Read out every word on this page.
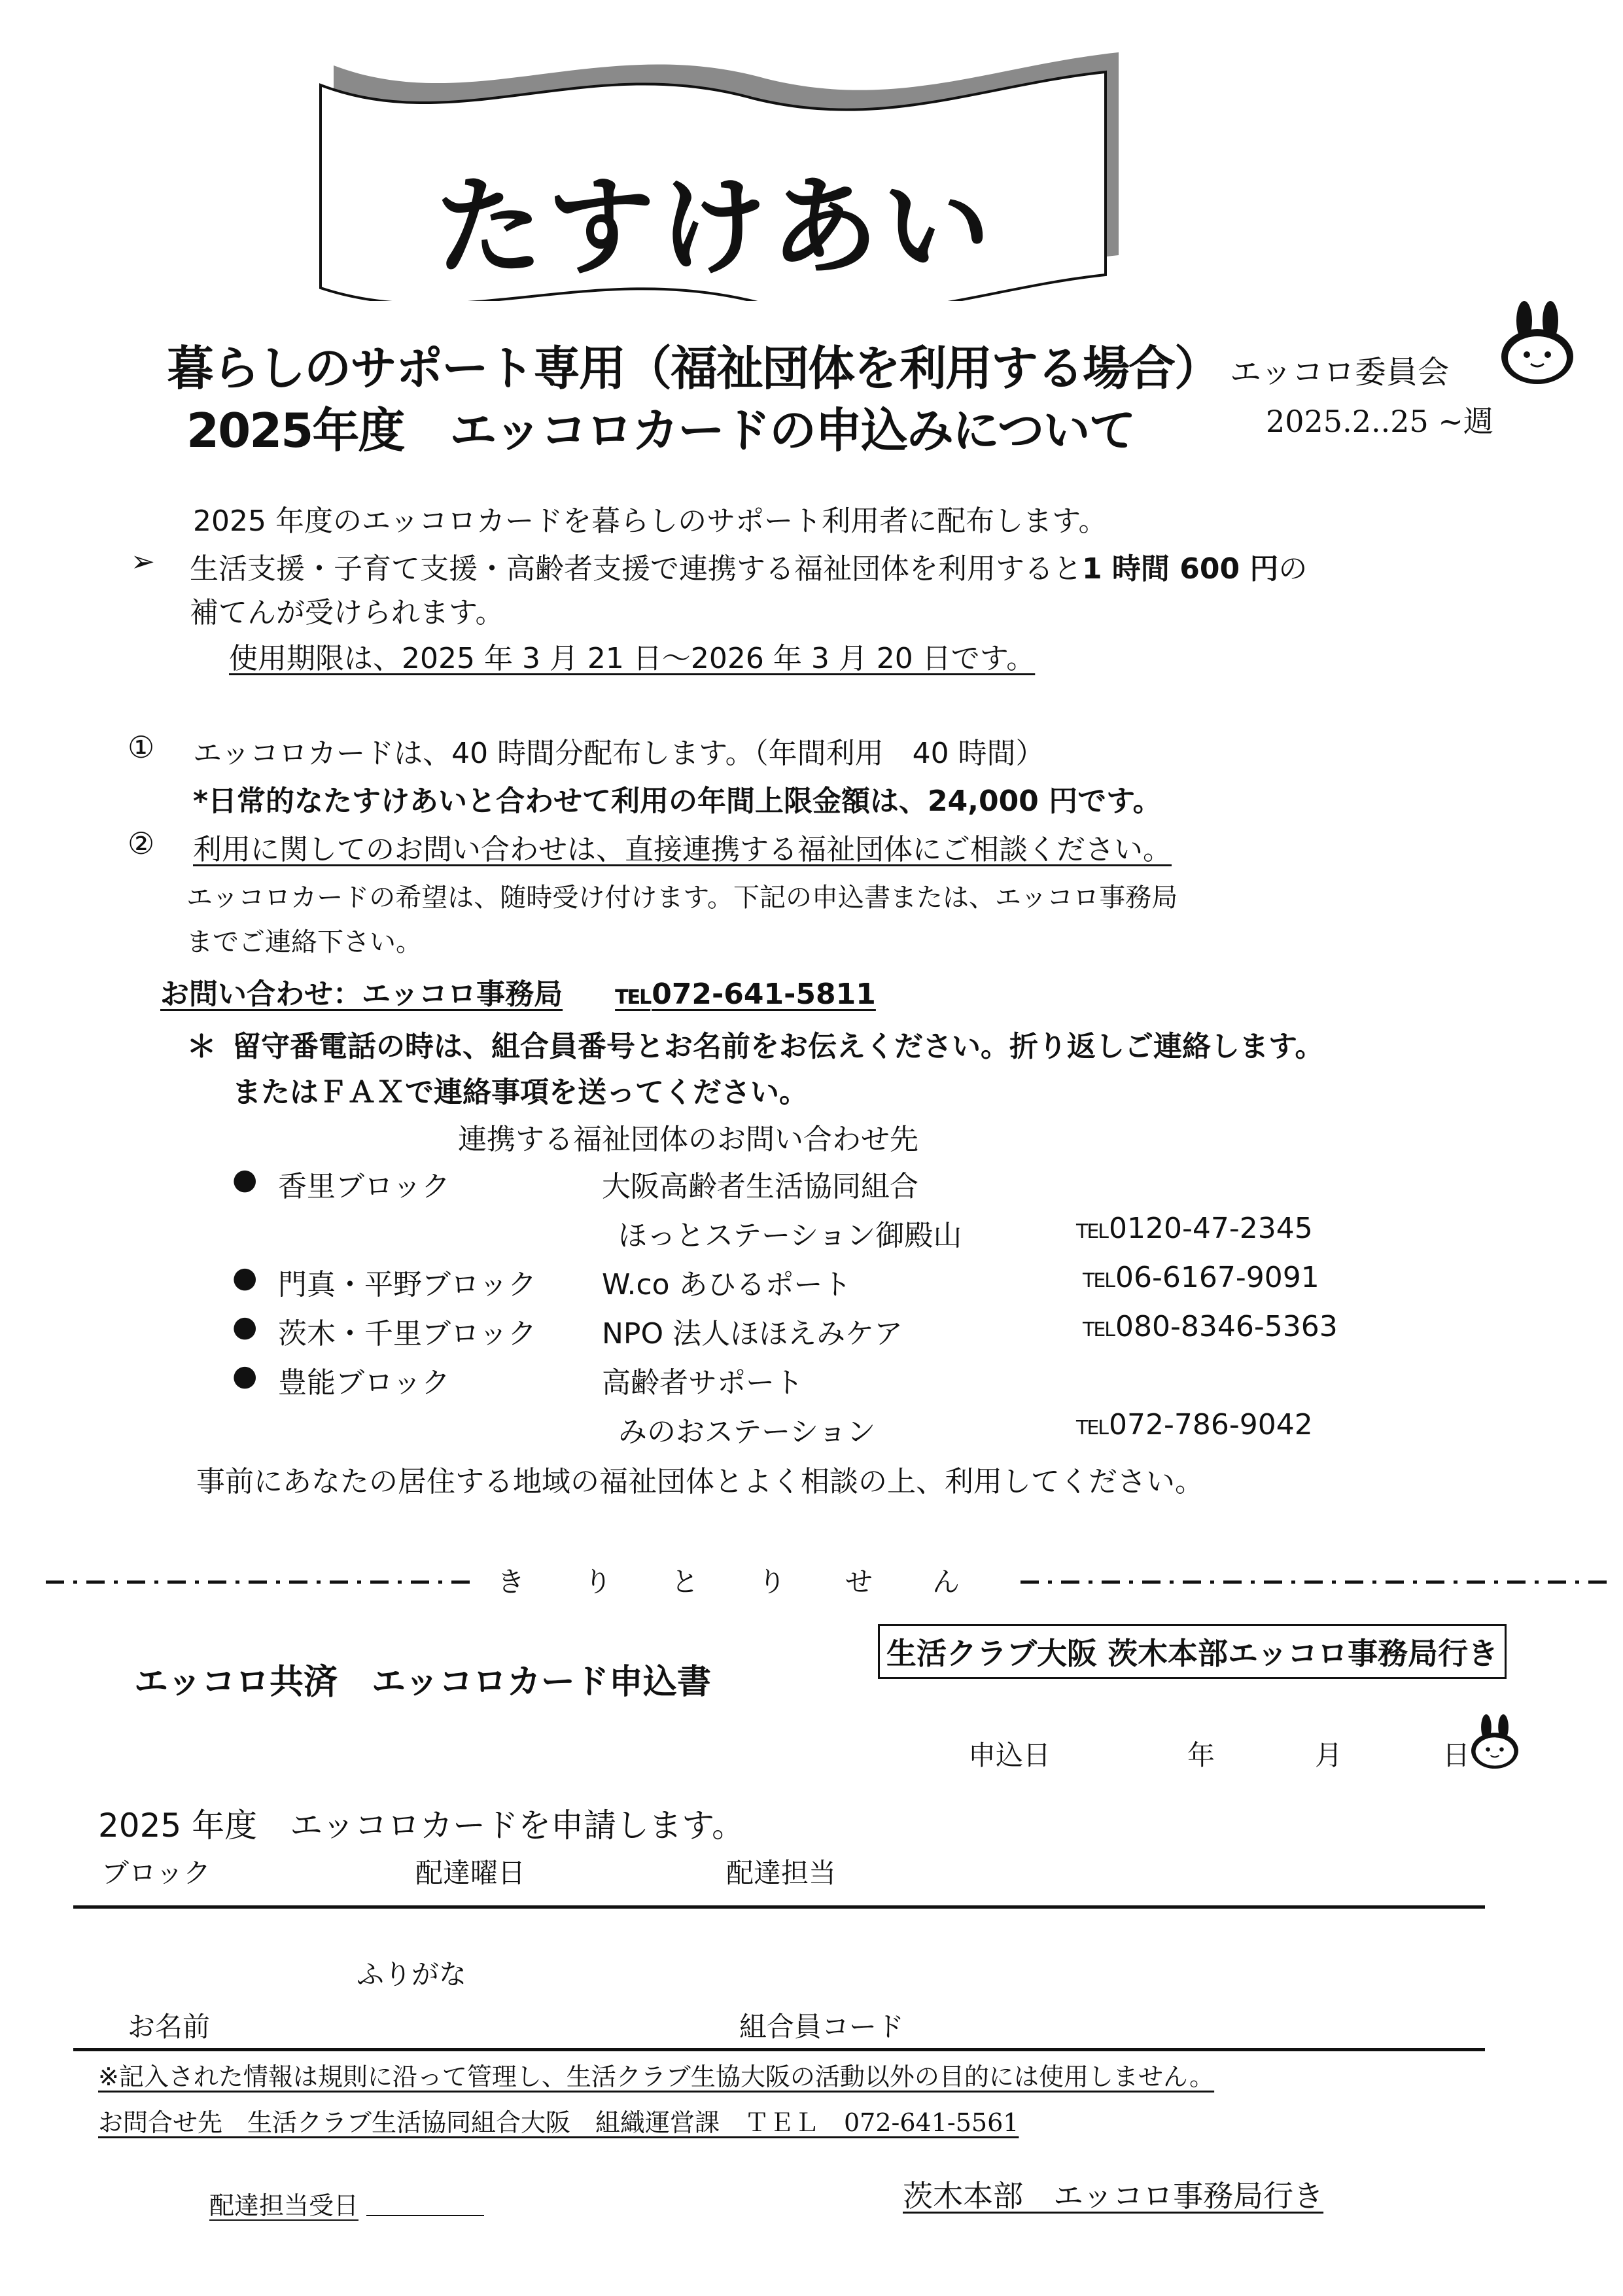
たすけあい
暮らしのサポート専用（福祉団体を利用する場合）
2025年度　エッコロカードの申込みについて
エッコロ委員会
2025.2..25 ~週
2025 年度のエッコロカードを暮らしのサポート利用者に配布します。
➢ 生活支援・子育て支援・高齢者支援で連携する福祉団体を利用すると 1 時間 600 円 の
補てんが受けられます。
使用期限は、2025 年 3 月 21 日～2026 年 3 月 20 日です。
① エッコロカードは、40 時間分配布します。（年間利用　40 時間）
*日常的なたすけあいと合わせて利用の年間上限金額は、24,000 円です。
② 利用に関してのお問い合わせは、直接連携する福祉団体にご相談ください。
エッコロカードの希望は、随時受け付けます。下記の申込書または、エッコロ事務局
までご連絡下さい。
お問い合わせ：エッコロ事務局	TEL 072-641-5811
＊ 留守番電話の時は、組合員番号とお名前をお伝えください。折り返しご連絡します。
またはＦＡＸで連絡事項を送ってください。
連携する福祉団体のお問い合わせ先
● 香里ブロック	大阪高齢者生活協同組合
ほっとステーション御殿山	TEL 0120-47-2345
● 門真・平野ブロック W.co あひるポート	TEL 06-6167-9091
● 茨木・千里ブロック NPO 法人ほほえみケア	TEL 080-8346-5363
● 豊能ブロック	高齢者サポート
みのおステーション	TEL 072-786-9042
事前にあなたの居住する地域の福祉団体とよく相談の上、利用してください。
き り と り せ ん
エッコロ共済　エッコロカード申込書
生活クラブ大阪 茨木本部エッコロ事務局行き
申込日	年	月	日
2025 年度　エッコロカードを申請します。
ブロック	配達曜日	配達担当
ふりがな
お名前	組合員コード
※記入された情報は規則に沿って管理し、生活クラブ生協大阪の活動以外の目的には使用しません。
お問合せ先　生活クラブ生活協同組合大阪　組織運営課　ＴＥＬ　072-641-5561
配達担当受日	茨木本部　エッコロ事務局行き
